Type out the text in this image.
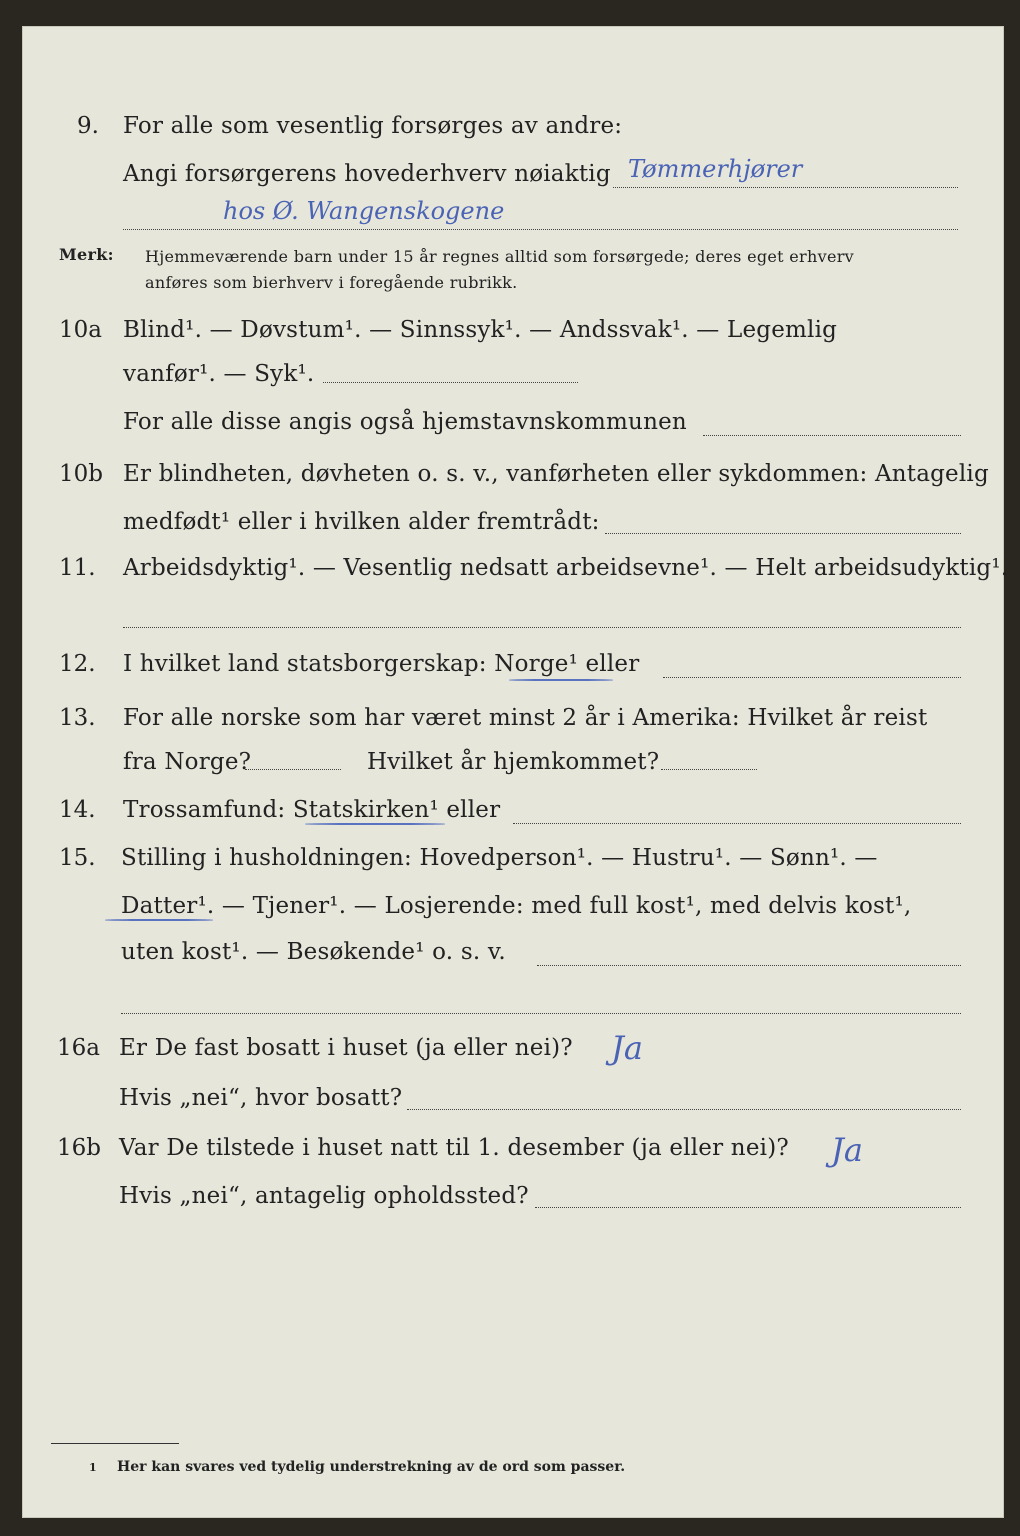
9. For alle som vesentlig forsørges av andre:
Angi forsørgerens hovederhverv nøiaktig Tømmerhjører
hos Ø. Wangenskogene
Merk: Hjemmeværende barn under 15 år regnes alltid som forsørgede; deres eget erhverv
anføres som bierhverv i foregående rubrikk.
10a Blind¹. — Døvstum¹. — Sinnssyk¹. — Andssvak¹. — Legemlig
vanfør¹. — Syk¹.
For alle disse angis også hjemstavnskommunen
10b Er blindheten, døvheten o. s. v., vanførheten eller sykdommen: Antagelig
medfødt¹ eller i hvilken alder fremtrådt:
11. Arbeidsdyktig¹. — Vesentlig nedsatt arbeidsevne¹. — Helt arbeidsudyktig¹.
12. I hvilket land statsborgerskap: Norge¹ eller
13. For alle norske som har været minst 2 år i Amerika: Hvilket år reist
fra Norge?	Hvilket år hjemkommet?
14. Trossamfund: Statskirken¹ eller
15. Stilling i husholdningen: Hovedperson¹. — Hustru¹. — Sønn¹. —
Datter¹. — Tjener¹. — Losjerende: med full kost¹, med delvis kost¹,
uten kost¹. — Besøkende¹ o. s. v.
16a Er De fast bosatt i huset (ja eller nei)? Ja
Hvis „nei“, hvor bosatt?
16b Var De tilstede i huset natt til 1. desember (ja eller nei)? Ja
Hvis „nei“, antagelig opholdssted?
1 Her kan svares ved tydelig understrekning av de ord som passer.
